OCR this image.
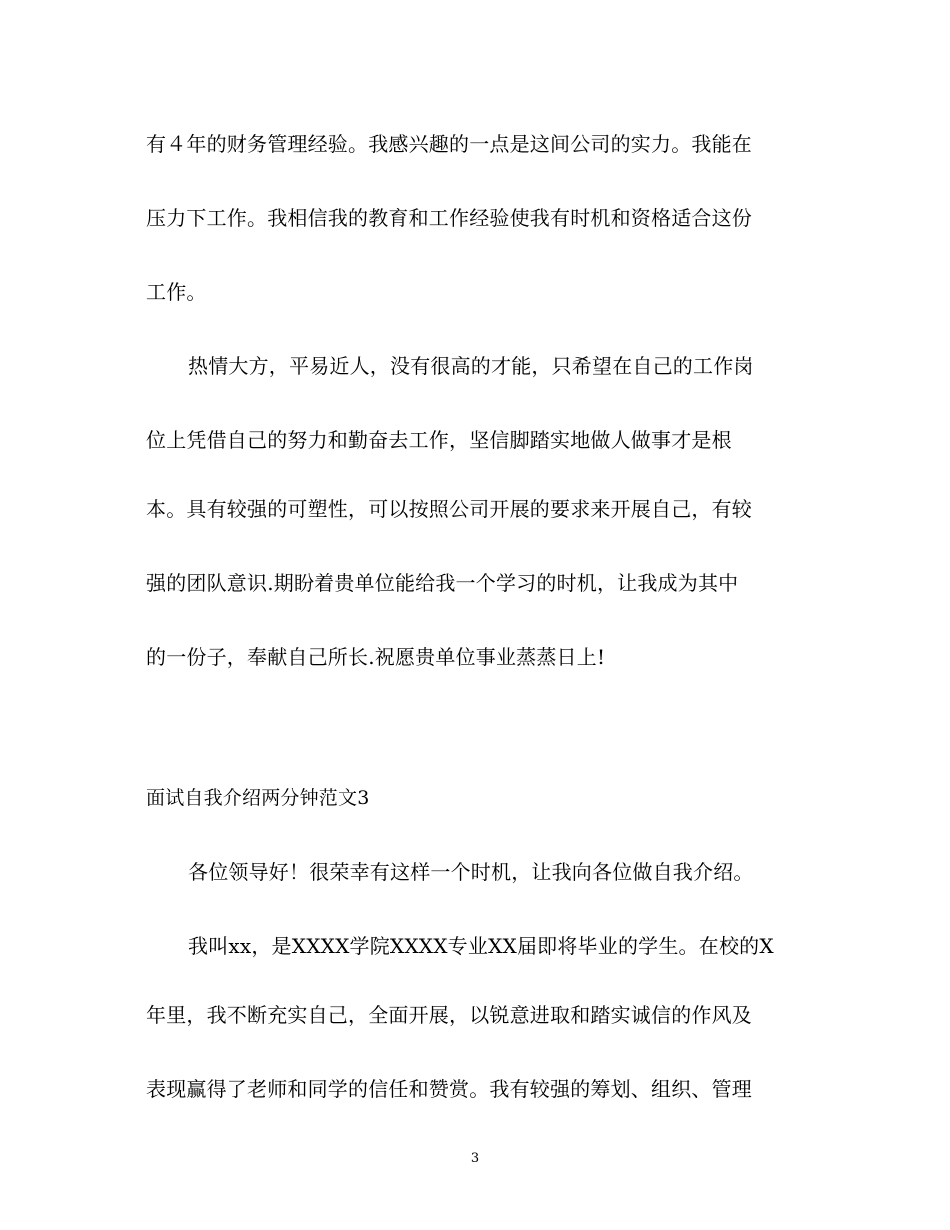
有４年的财务管理经验。我感兴趣的一点是这间公司的实力。我能在
压力下工作。我相信我的教育和工作经验使我有时机和资格适合这份
工作。
热情大方，平易近人，没有很高的才能，只希望在自己的工作岗
位上凭借自己的努力和勤奋去工作，坚信脚踏实地做人做事才是根
本。具有较强的可塑性，可以按照公司开展的要求来开展自己，有较
强的团队意识.期盼着贵单位能给我一个学习的时机，让我成为其中
的一份子，奉献自己所长.祝愿贵单位事业蒸蒸日上!
面试自我介绍两分钟范文3
各位领导好！很荣幸有这样一个时机，让我向各位做自我介绍。
我叫xx，是XXXX学院XXXX专业XX届即将毕业的学生。在校的X
年里，我不断充实自己，全面开展，以锐意进取和踏实诚信的作风及
表现赢得了老师和同学的信任和赞赏。我有较强的筹划、组织、管理
3
